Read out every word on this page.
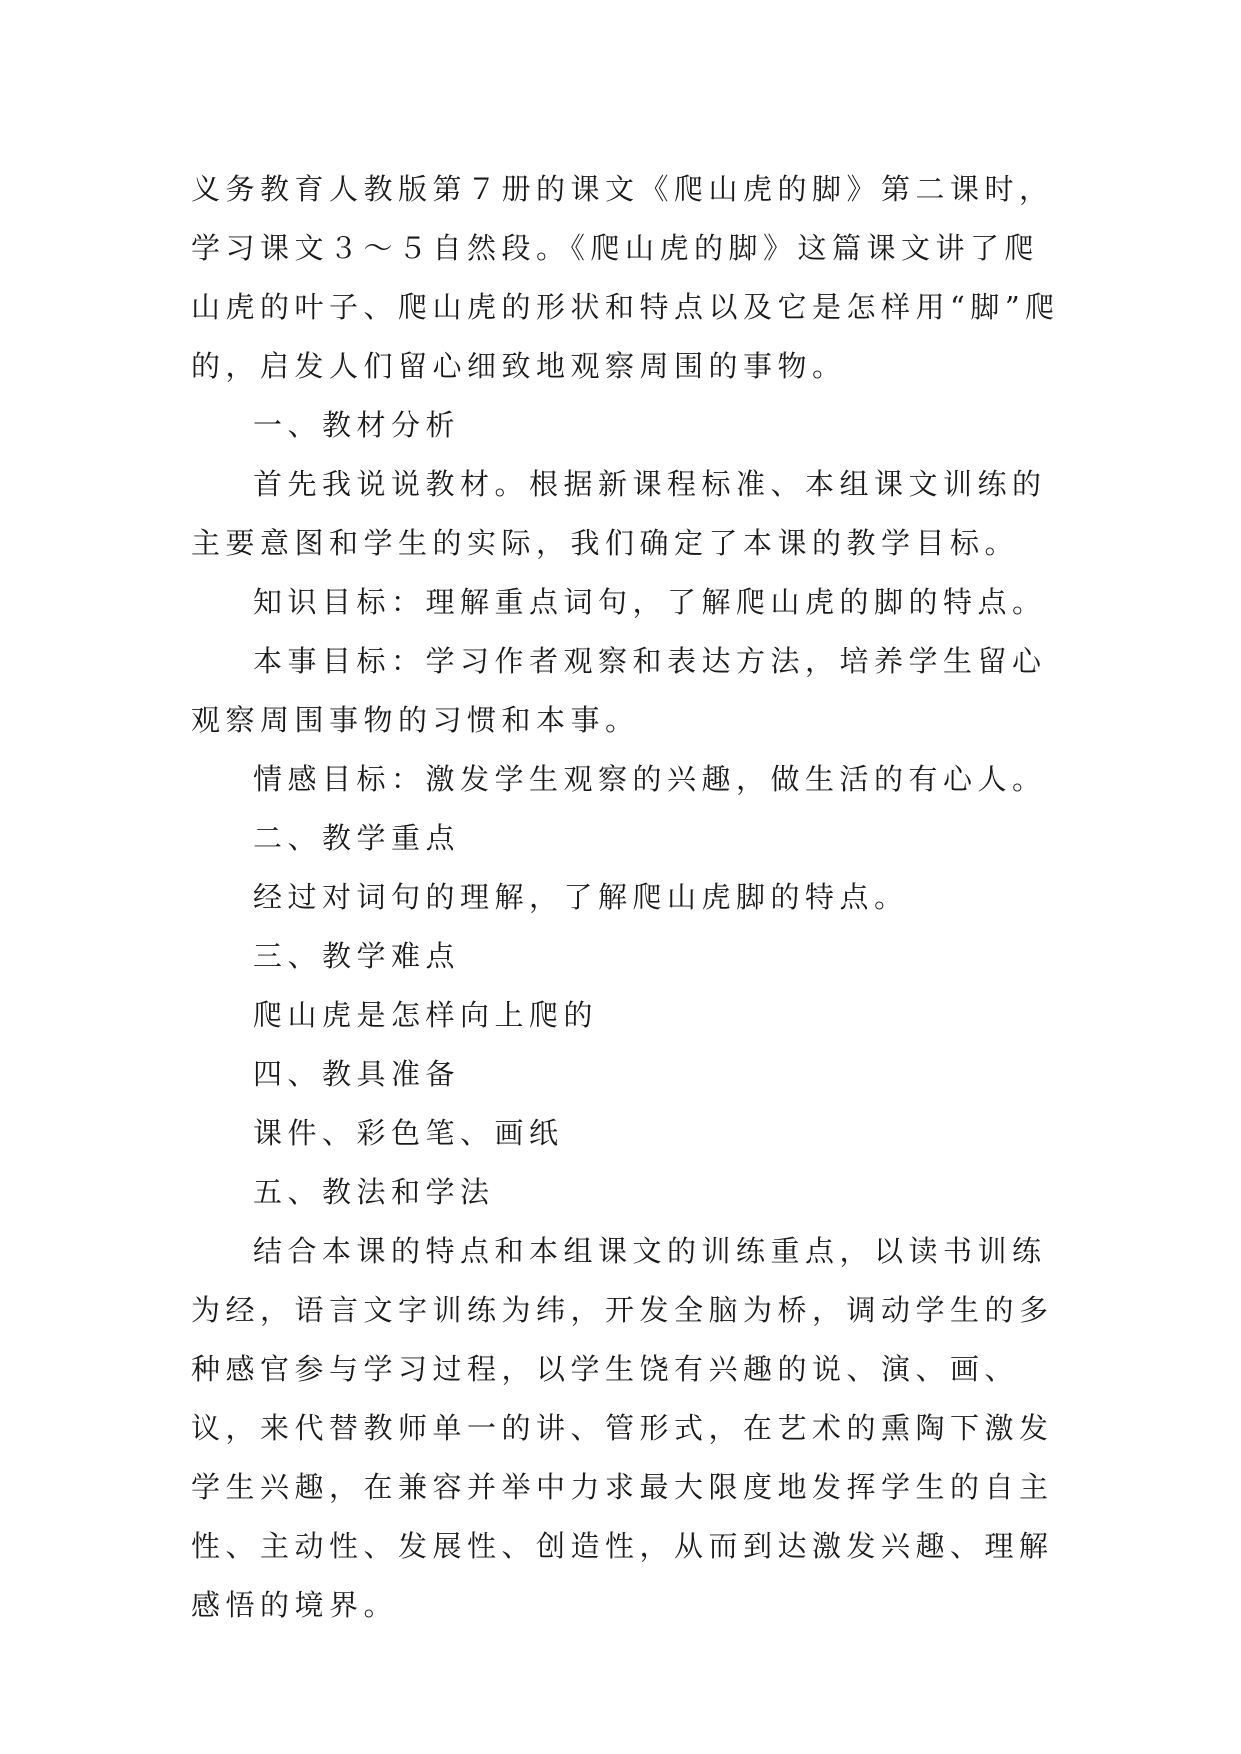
义务教育人教版第７册的课文《爬山虎的脚》第二课时，学习课文３～５自然段。《爬山虎的脚》这篇课文讲了爬山虎的叶子、爬山虎的形状和特点以及它是怎样用“脚”爬的，启发人们留心细致地观察周围的事物。

一、教材分析

首先我说说教材。根据新课程标准、本组课文训练的主要意图和学生的实际，我们确定了本课的教学目标。

知识目标：理解重点词句，了解爬山虎的脚的特点。

本事目标：学习作者观察和表达方法，培养学生留心观察周围事物的习惯和本事。

情感目标：激发学生观察的兴趣，做生活的有心人。

二、教学重点

经过对词句的理解，了解爬山虎脚的特点。

三、教学难点

爬山虎是怎样向上爬的

四、教具准备

课件、彩色笔、画纸

五、教法和学法

结合本课的特点和本组课文的训练重点，以读书训练为经，语言文字训练为纬，开发全脑为桥，调动学生的多种感官参与学习过程，以学生饶有兴趣的说、演、画、议，来代替教师单一的讲、管形式，在艺术的熏陶下激发学生兴趣，在兼容并举中力求最大限度地发挥学生的自主性、主动性、发展性、创造性，从而到达激发兴趣、理解感悟的境界。
